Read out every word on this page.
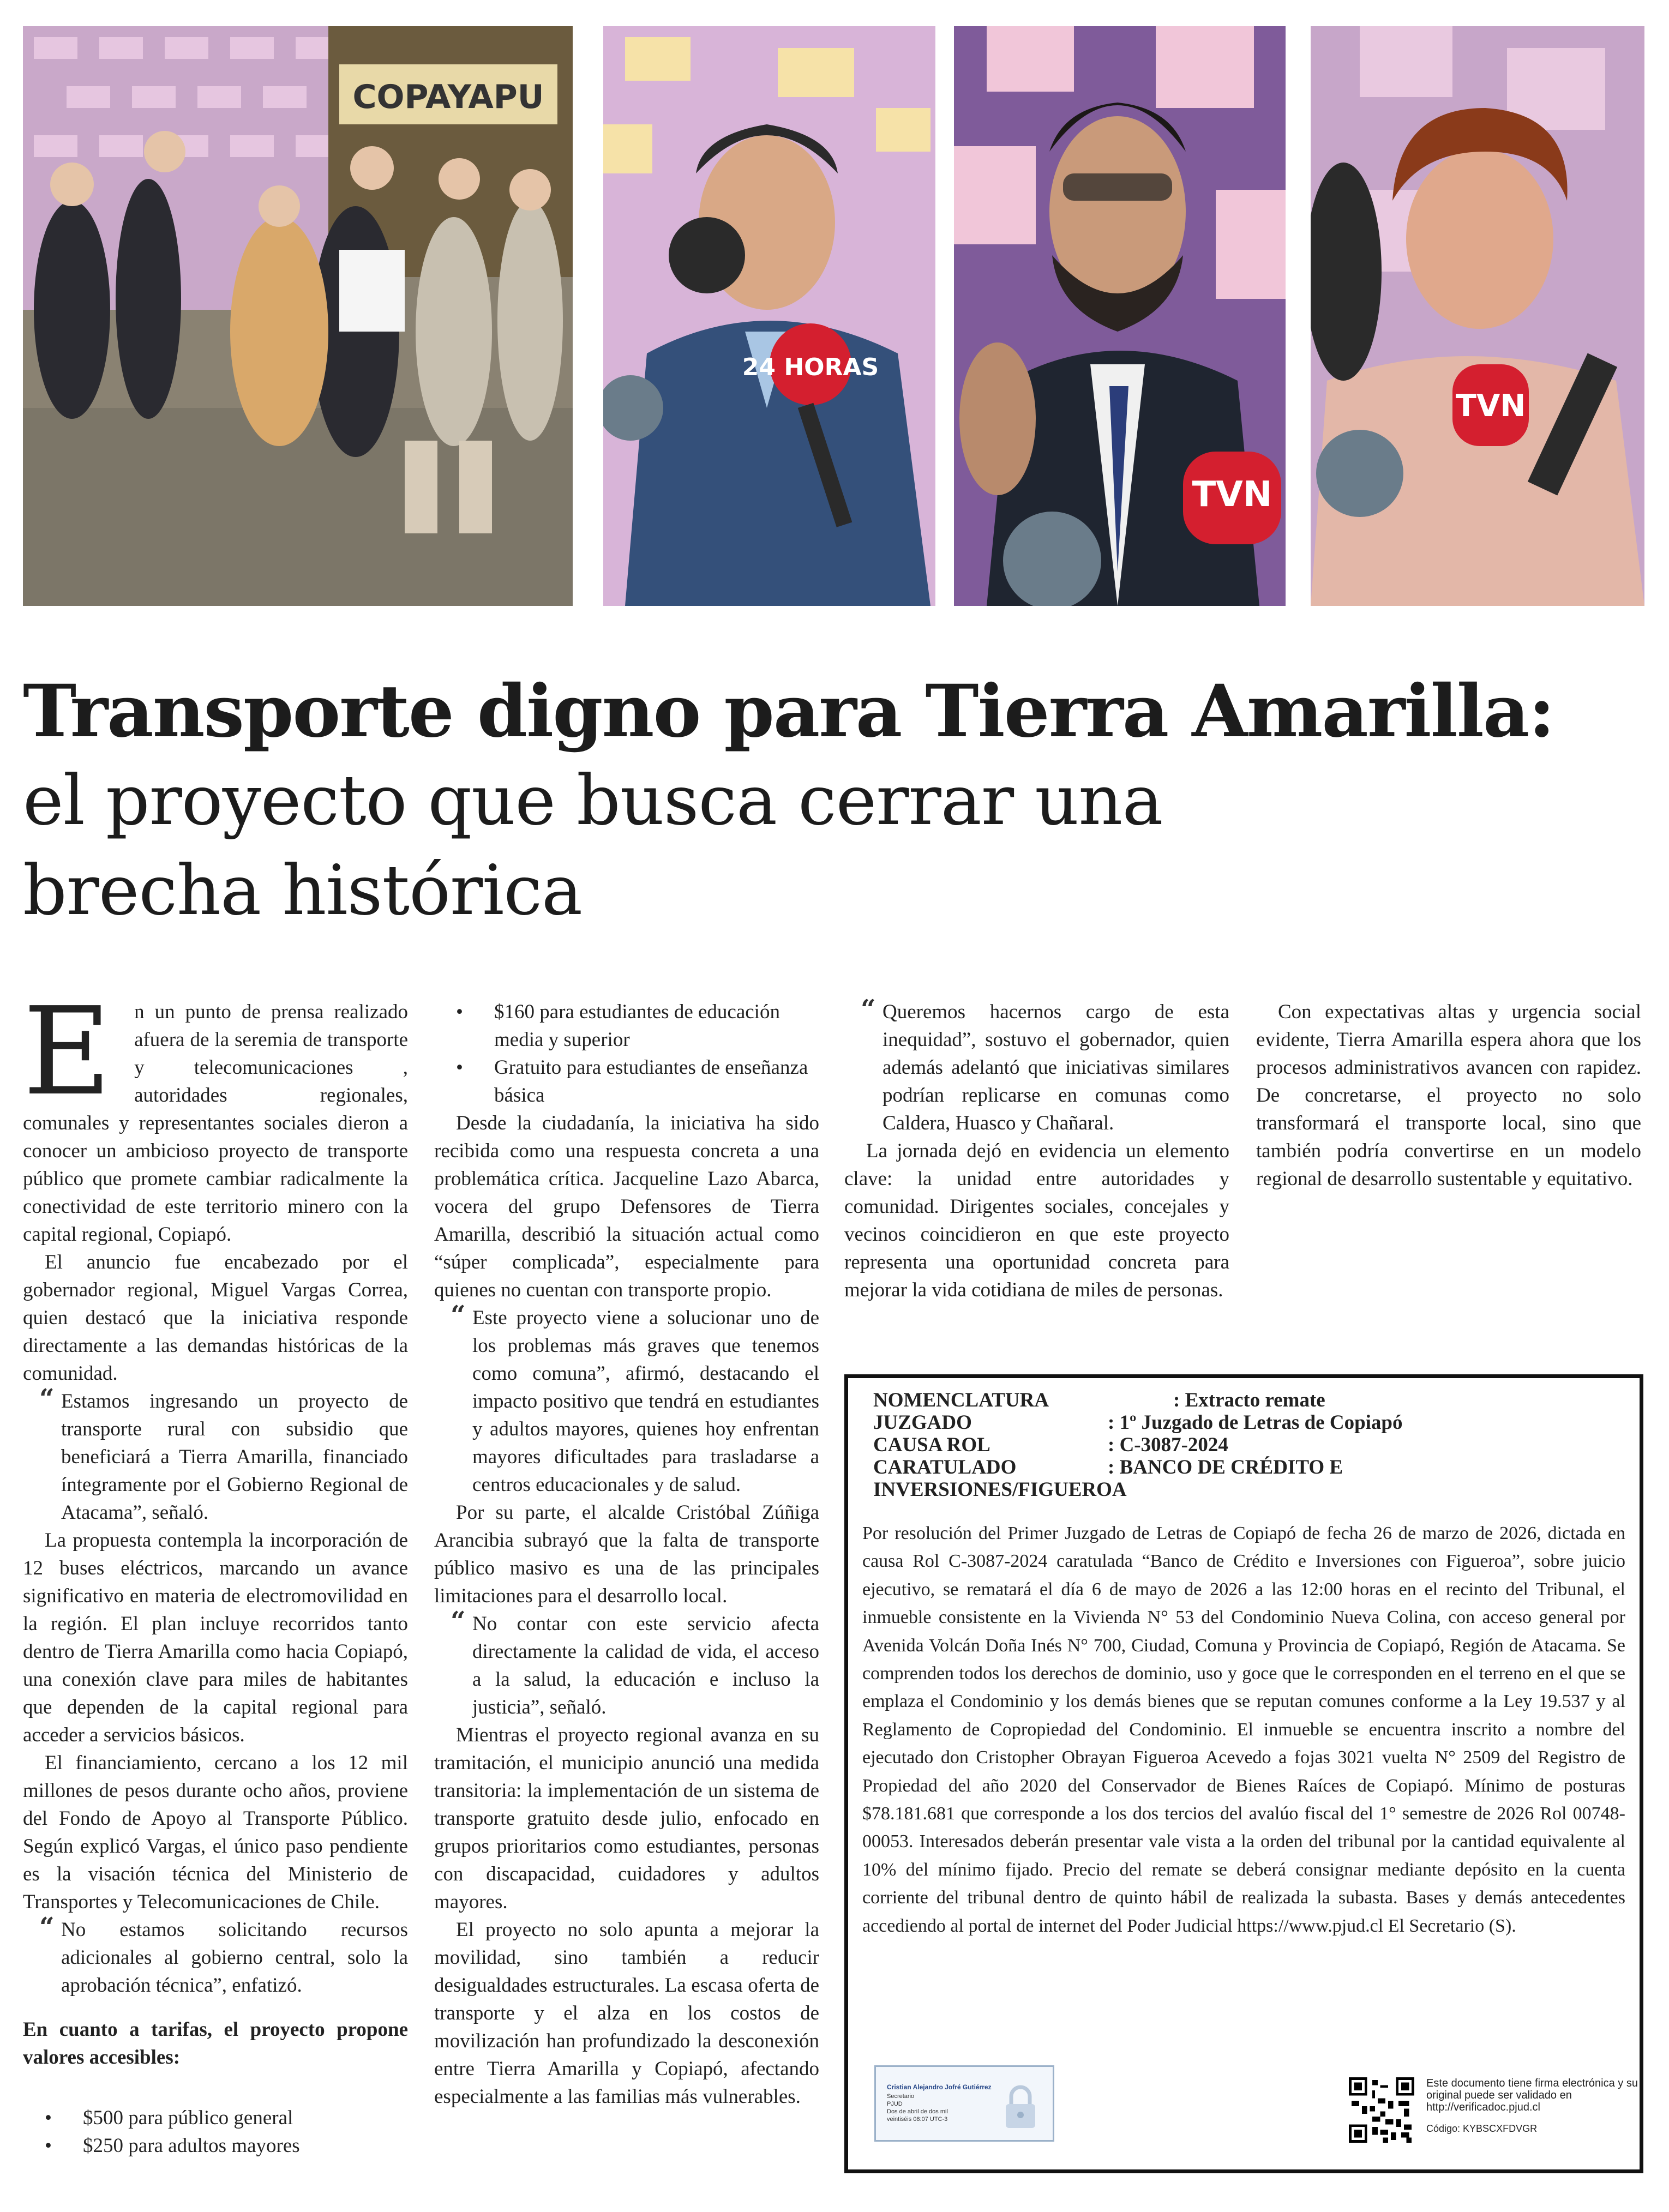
COPAYAPU
24 HORAS
TVN
TVN
Transporte digno para Tierra Amarilla:
el proyecto que busca cerrar una
brecha histórica

E n un punto de prensa realizado afuera de la seremia de transporte y telecomunicaciones , autoridades regionales, comunales y representantes sociales dieron a conocer un ambicioso proyecto de transporte público que promete cambiar radicalmente la conectividad de este territorio minero con la capital regional, Copiapó.

El anuncio fue encabezado por el gobernador regional, Miguel Vargas Correa, quien destacó que la iniciativa responde directamente a las demandas históricas de la comunidad.

“ Estamos ingresando un proyecto de transporte rural con subsidio que beneficiará a Tierra Amarilla, financiado íntegramente por el Gobierno Regional de Atacama”, señaló.

La propuesta contempla la incorporación de 12 buses eléctricos, marcando un avance significativo en materia de electromovilidad en la región. El plan incluye recorridos tanto dentro de Tierra Amarilla como hacia Copiapó, una conexión clave para miles de habitantes que dependen de la capital regional para acceder a servicios básicos.

El financiamiento, cercano a los 12 mil millones de pesos durante ocho años, proviene del Fondo de Apoyo al Transporte Público. Según explicó Vargas, el único paso pendiente es la visación técnica del Ministerio de Transportes y Telecomunicaciones de Chile.

“ No estamos solicitando recursos adicionales al gobierno central, solo la aprobación técnica”, enfatizó.

En cuanto a tarifas, el proyecto propone valores accesibles:

• $500 para público general
• $250 para adultos mayores
• $160 para estudiantes de educación media y superior
• Gratuito para estudiantes de enseñanza básica

Desde la ciudadanía, la iniciativa ha sido recibida como una respuesta concreta a una problemática crítica. Jacqueline Lazo Abarca, vocera del grupo Defensores de Tierra Amarilla, describió la situación actual como “súper complicada”, especialmente para quienes no cuentan con transporte propio.

“ Este proyecto viene a solucionar uno de los problemas más graves que tenemos como comuna”, afirmó, destacando el impacto positivo que tendrá en estudiantes y adultos mayores, quienes hoy enfrentan mayores dificultades para trasladarse a centros educacionales y de salud.

Por su parte, el alcalde Cristóbal Zúñiga Arancibia subrayó que la falta de transporte público masivo es una de las principales limitaciones para el desarrollo local.

“ No contar con este servicio afecta directamente la calidad de vida, el acceso a la salud, la educación e incluso la justicia”, señaló.

Mientras el proyecto regional avanza en su tramitación, el municipio anunció una medida transitoria: la implementación de un sistema de transporte gratuito desde julio, enfocado en grupos prioritarios como estudiantes, personas con discapacidad, cuidadores y adultos mayores.

El proyecto no solo apunta a mejorar la movilidad, sino también a reducir desigualdades estructurales. La escasa oferta de transporte y el alza en los costos de movilización han profundizado la desconexión entre Tierra Amarilla y Copiapó, afectando especialmente a las familias más vulnerables.

“ Queremos hacernos cargo de esta inequidad”, sostuvo el gobernador, quien además adelantó que iniciativas similares podrían replicarse en comunas como Caldera, Huasco y Chañaral.

La jornada dejó en evidencia un elemento clave: la unidad entre autoridades y comunidad. Dirigentes sociales, concejales y vecinos coincidieron en que este proyecto representa una oportunidad concreta para mejorar la vida cotidiana de miles de personas.

Con expectativas altas y urgencia social evidente, Tierra Amarilla espera ahora que los procesos administrativos avancen con rapidez. De concretarse, el proyecto no solo transformará el transporte local, sino que también podría convertirse en un modelo regional de desarrollo sustentable y equitativo.

NOMENCLATURA	: Extracto remate
JUZGADO	: 1º Juzgado de Letras de Copiapó
CAUSA ROL	: C-3087-2024
CARATULADO	: BANCO DE CRÉDITO E
INVERSIONES/FIGUEROA

Por resolución del Primer Juzgado de Letras de Copiapó de fecha 26 de marzo de 2026, dictada en causa Rol C-3087-2024 caratulada “Banco de Crédito e Inversiones con Figueroa”, sobre juicio ejecutivo, se rematará el día 6 de mayo de 2026 a las 12:00 horas en el recinto del Tribunal, el inmueble consistente en la Vivienda N° 53 del Condominio Nueva Colina, con acceso general por Avenida Volcán Doña Inés N° 700, Ciudad, Comuna y Provincia de Copiapó, Región de Atacama. Se comprenden todos los derechos de dominio, uso y goce que le corresponden en el terreno en el que se emplaza el Condominio y los demás bienes que se reputan comunes conforme a la Ley 19.537 y al Reglamento de Copropiedad del Condominio. El inmueble se encuentra inscrito a nombre del ejecutado don Cristopher Obrayan Figueroa Acevedo a fojas 3021 vuelta N° 2509 del Registro de Propiedad del año 2020 del Conservador de Bienes Raíces de Copiapó. Mínimo de posturas $78.181.681 que corresponde a los dos tercios del avalúo fiscal del 1° semestre de 2026 Rol 00748-00053. Interesados deberán presentar vale vista a la orden del tribunal por la cantidad equivalente al 10% del mínimo fijado. Precio del remate se deberá consignar mediante depósito en la cuenta corriente del tribunal dentro de quinto hábil de realizada la subasta. Bases y demás antecedentes accediendo al portal de internet del Poder Judicial https://www.pjud.cl El Secretario (S).

Cristian Alejandro Jofré Gutiérrez
Secretario
PJUD
Dos de abril de dos mil veintiséis 08:07 UTC-3
Este documento tiene firma electrónica y su original puede ser validado en http://verificadoc.pjud.cl
Código: KYBSCXFDVGR
